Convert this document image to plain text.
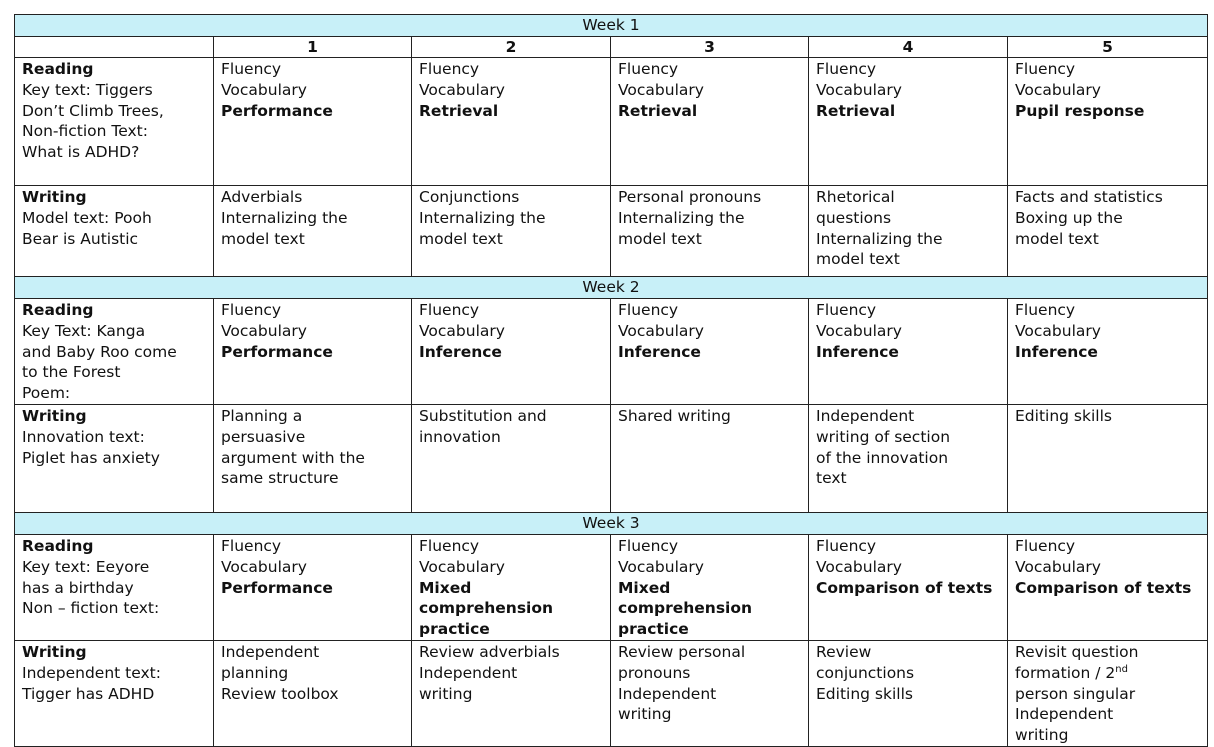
Week 1					
	1	2	3	4	5

Reading
Key text: Tiggers
Don’t Climb Trees,
Non-fiction Text:
What is ADHD?	Fluency
Vocabulary
Performance	Fluency
Vocabulary
Retrieval	Fluency
Vocabulary
Retrieval	Fluency
Vocabulary
Retrieval	Fluency
Vocabulary
Pupil response

Writing
Model text: Pooh
Bear is Autistic	Adverbials
Internalizing the
model text	Conjunctions
Internalizing the
model text	Personal pronouns
Internalizing the
model text	Rhetorical
questions
Internalizing the
model text	Facts and statistics
Boxing up the
model text

Week 2					

Reading
Key Text: Kanga
and Baby Roo come
to the Forest
Poem:	Fluency
Vocabulary
Performance	Fluency
Vocabulary
Inference	Fluency
Vocabulary
Inference	Fluency
Vocabulary
Inference	Fluency
Vocabulary
Inference

Writing
Innovation text:
Piglet has anxiety	Planning a
persuasive
argument with the
same structure	Substitution and
innovation	Shared writing	Independent
writing of section
of the innovation
text	Editing skills

Week 3					

Reading
Key text: Eeyore
has a birthday
Non – fiction text:	Fluency
Vocabulary
Performance	Fluency
Vocabulary
Mixed comprehension practice	Fluency
Vocabulary
Mixed comprehension practice	Fluency
Vocabulary
Comparison of texts	Fluency
Vocabulary
Comparison of texts

Writing
Independent text:
Tigger has ADHD	Independent
planning
Review toolbox	Review adverbials
Independent
writing	Review personal
pronouns
Independent
writing	Review
conjunctions
Editing skills	Revisit question
formation / 2nd
person singular
Independent
writing
